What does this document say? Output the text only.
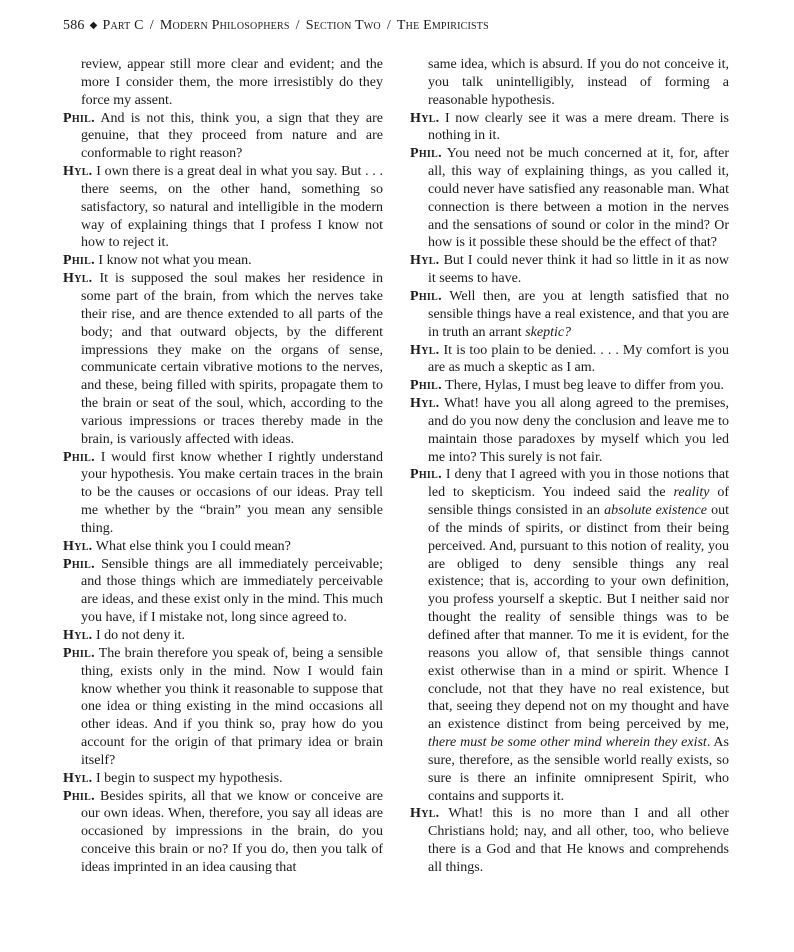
586 ◆ Part C / Modern Philosophers / Section Two / The Empiricists

review, appear still more clear and evident; and the more I consider them, the more irresistibly do they force my assent.

Phil. And is not this, think you, a sign that they are genuine, that they proceed from nature and are conformable to right reason?

Hyl. I own there is a great deal in what you say. But . . . there seems, on the other hand, something so satisfactory, so natural and intelligible in the modern way of explaining things that I profess I know not how to reject it.

Phil. I know not what you mean.

Hyl. It is supposed the soul makes her residence in some part of the brain, from which the nerves take their rise, and are thence extended to all parts of the body; and that outward objects, by the different impressions they make on the organs of sense, communicate certain vibrative motions to the nerves, and these, being filled with spirits, propagate them to the brain or seat of the soul, which, according to the various impressions or traces thereby made in the brain, is variously affected with ideas.

Phil. I would first know whether I rightly understand your hypothesis. You make certain traces in the brain to be the causes or occasions of our ideas. Pray tell me whether by the “brain” you mean any sensible thing.

Hyl. What else think you I could mean?

Phil. Sensible things are all immediately perceivable; and those things which are immediately perceivable are ideas, and these exist only in the mind. This much you have, if I mistake not, long since agreed to.

Hyl. I do not deny it.

Phil. The brain therefore you speak of, being a sensible thing, exists only in the mind. Now I would fain know whether you think it reasonable to suppose that one idea or thing existing in the mind occasions all other ideas. And if you think so, pray how do you account for the origin of that primary idea or brain itself?

Hyl. I begin to suspect my hypothesis.

Phil. Besides spirits, all that we know or conceive are our own ideas. When, therefore, you say all ideas are occasioned by impressions in the brain, do you conceive this brain or no? If you do, then you talk of ideas imprinted in an idea causing that

same idea, which is absurd. If you do not conceive it, you talk unintelligibly, instead of forming a reasonable hypothesis.

Hyl. I now clearly see it was a mere dream. There is nothing in it.

Phil. You need not be much concerned at it, for, after all, this way of explaining things, as you called it, could never have satisfied any reasonable man. What connection is there between a motion in the nerves and the sensations of sound or color in the mind? Or how is it possible these should be the effect of that?

Hyl. But I could never think it had so little in it as now it seems to have.

Phil. Well then, are you at length satisfied that no sensible things have a real existence, and that you are in truth an arrant skeptic?

Hyl. It is too plain to be denied. . . . My comfort is you are as much a skeptic as I am.

Phil. There, Hylas, I must beg leave to differ from you.

Hyl. What! have you all along agreed to the premises, and do you now deny the conclusion and leave me to maintain those paradoxes by myself which you led me into? This surely is not fair.

Phil. I deny that I agreed with you in those notions that led to skepticism. You indeed said the reality of sensible things consisted in an absolute existence out of the minds of spirits, or distinct from their being perceived. And, pursuant to this notion of reality, you are obliged to deny sensible things any real existence; that is, according to your own definition, you profess yourself a skeptic. But I neither said nor thought the reality of sensible things was to be defined after that manner. To me it is evident, for the reasons you allow of, that sensible things cannot exist otherwise than in a mind or spirit. Whence I conclude, not that they have no real existence, but that, seeing they depend not on my thought and have an existence distinct from being perceived by me, there must be some other mind wherein they exist. As sure, therefore, as the sensible world really exists, so sure is there an infinite omnipresent Spirit, who contains and supports it.

Hyl. What! this is no more than I and all other Christians hold; nay, and all other, too, who believe there is a God and that He knows and comprehends all things.
